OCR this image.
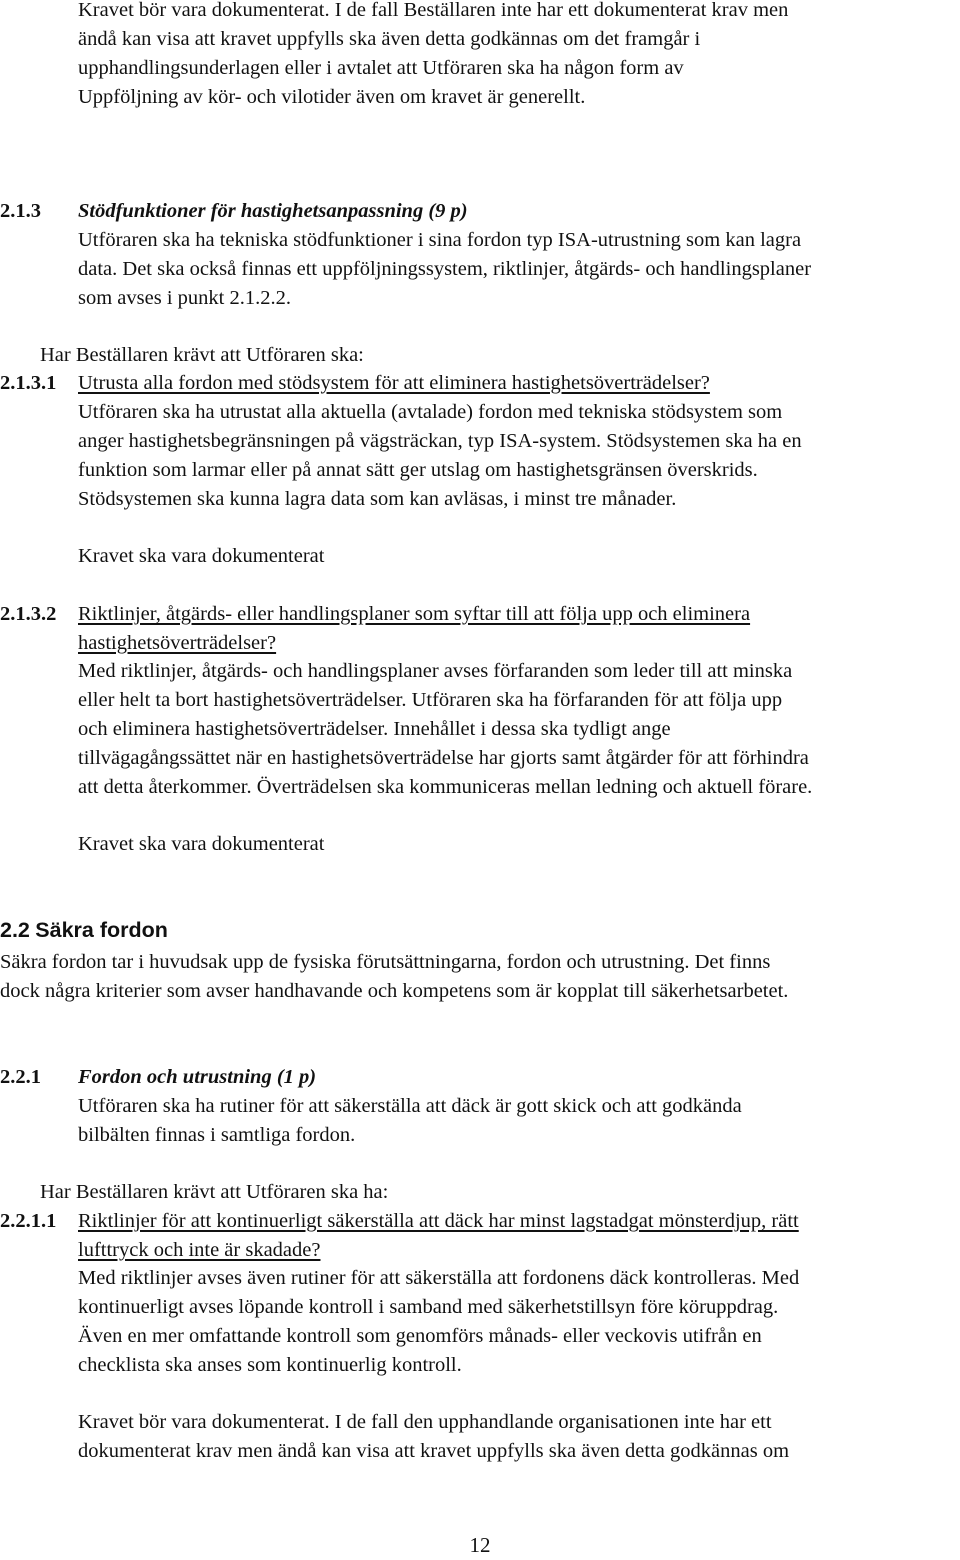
Kravet bör vara dokumenterat. I de fall Beställaren inte har ett dokumenterat krav men
ändå kan visa att kravet uppfylls ska även detta godkännas om det framgår i
upphandlingsunderlagen eller i avtalet att Utföraren ska ha någon form av
Uppföljning av kör- och vilotider även om kravet är generellt.
2.1.3 Stödfunktioner för hastighetsanpassning (9 p)
Utföraren ska ha tekniska stödfunktioner i sina fordon typ ISA-utrustning som kan lagra
data. Det ska också finnas ett uppföljningssystem, riktlinjer, åtgärds- och handlingsplaner
som avses i punkt 2.1.2.2.
Har Beställaren krävt att Utföraren ska:
2.1.3.1 Utrusta alla fordon med stödsystem för att eliminera hastighetsöverträdelser?
Utföraren ska ha utrustat alla aktuella (avtalade) fordon med tekniska stödsystem som
anger hastighetsbegränsningen på vägsträckan, typ ISA-system. Stödsystemen ska ha en
funktion som larmar eller på annat sätt ger utslag om hastighetsgränsen överskrids.
Stödsystemen ska kunna lagra data som kan avläsas, i minst tre månader.
Kravet ska vara dokumenterat
2.1.3.2 Riktlinjer, åtgärds- eller handlingsplaner som syftar till att följa upp och eliminera
hastighetsöverträdelser?
Med riktlinjer, åtgärds- och handlingsplaner avses förfaranden som leder till att minska
eller helt ta bort hastighetsöverträdelser. Utföraren ska ha förfaranden för att följa upp
och eliminera hastighetsöverträdelser. Innehållet i dessa ska tydligt ange
tillvägagångssättet när en hastighetsöverträdelse har gjorts samt åtgärder för att förhindra
att detta återkommer. Överträdelsen ska kommuniceras mellan ledning och aktuell förare.
Kravet ska vara dokumenterat
2.2 Säkra fordon
Säkra fordon tar i huvudsak upp de fysiska förutsättningarna, fordon och utrustning. Det finns
dock några kriterier som avser handhavande och kompetens som är kopplat till säkerhetsarbetet.
2.2.1 Fordon och utrustning (1 p)
Utföraren ska ha rutiner för att säkerställa att däck är gott skick och att godkända
bilbälten finnas i samtliga fordon.
Har Beställaren krävt att Utföraren ska ha:
2.2.1.1 Riktlinjer för att kontinuerligt säkerställa att däck har minst lagstadgat mönsterdjup, rätt
lufttryck och inte är skadade?
Med riktlinjer avses även rutiner för att säkerställa att fordonens däck kontrolleras. Med
kontinuerligt avses löpande kontroll i samband med säkerhetstillsyn före köruppdrag.
Även en mer omfattande kontroll som genomförs månads- eller veckovis utifrån en
checklista ska anses som kontinuerlig kontroll.
Kravet bör vara dokumenterat. I de fall den upphandlande organisationen inte har ett
dokumenterat krav men ändå kan visa att kravet uppfylls ska även detta godkännas om
12
